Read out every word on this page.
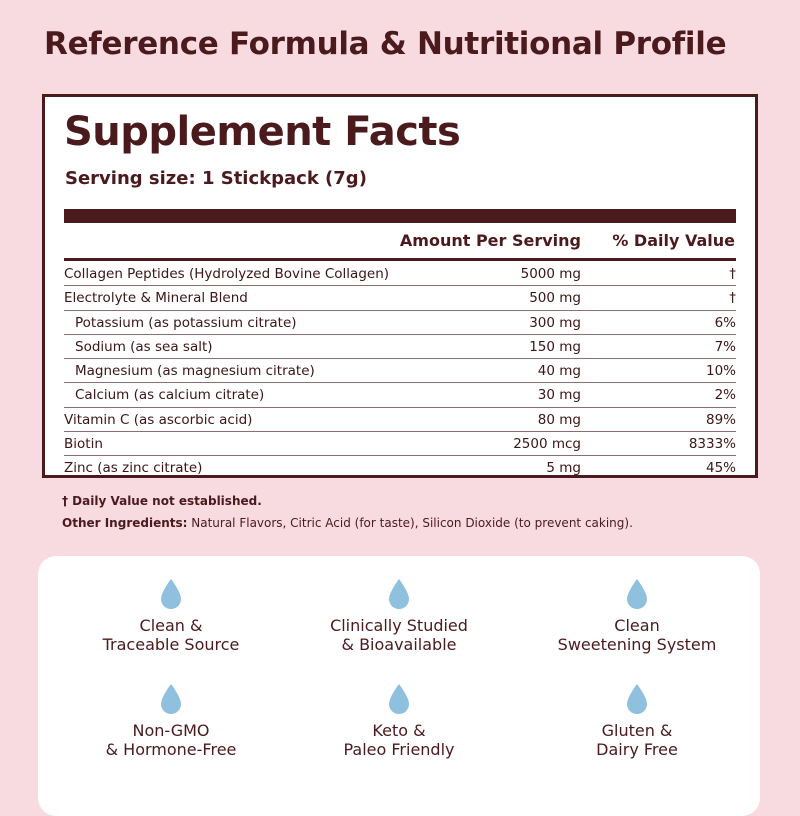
Reference Formula & Nutritional Profile
Supplement Facts
Serving size: 1 Stickpack (7g)
Amount Per Serving % Daily Value
Collagen Peptides (Hydrolyzed Bovine Collagen)	5000 mg	†
Electrolyte & Mineral Blend	500 mg	†
Potassium (as potassium citrate)	300 mg	6%
Sodium (as sea salt)	150 mg	7%
Magnesium (as magnesium citrate)	40 mg	10%
Calcium (as calcium citrate)	30 mg	2%
Vitamin C (as ascorbic acid)	80 mg	89%
Biotin	2500 mcg	8333%
Zinc (as zinc citrate)	5 mg	45%
† Daily Value not established.
Other Ingredients: Natural Flavors, Citric Acid (for taste), Silicon Dioxide (to prevent caking).
Clean &
Traceable Source
Clinically Studied
& Bioavailable
Clean
Sweetening System
Non-GMO
& Hormone-Free
Keto &
Paleo Friendly
Gluten &
Dairy Free
